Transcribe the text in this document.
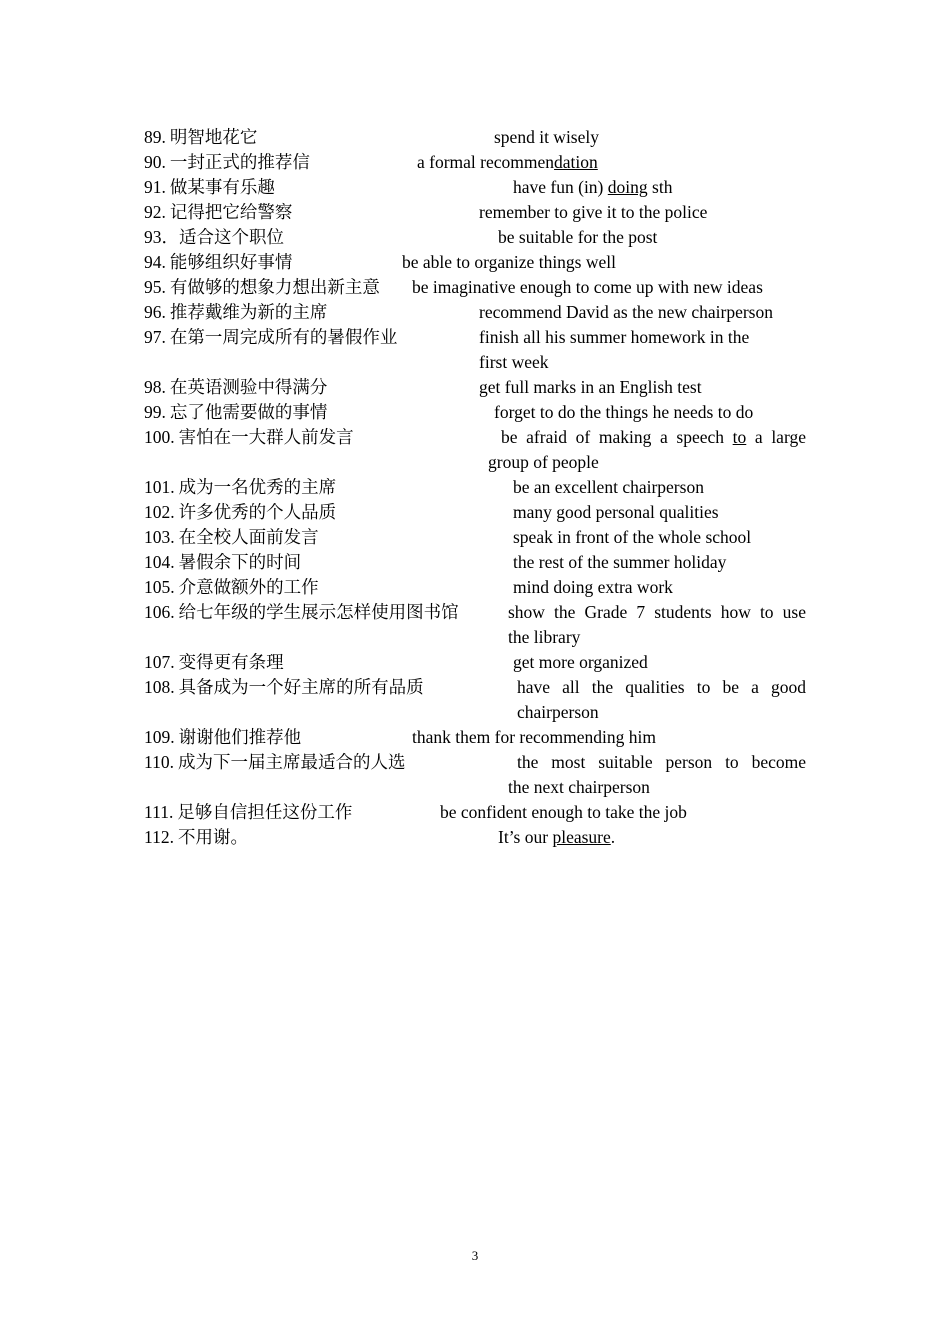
89. 明智地花它	spend it wisely
90. 一封正式的推荐信	a formal recommendation
91. 做某事有乐趣	have fun (in) doing sth
92. 记得把它给警察	remember to give it to the police
93．适合这个职位	be suitable for the post
94. 能够组织好事情	be able to organize things well
95. 有做够的想象力想出新主意 be imaginative enough to come up with new ideas
96. 推荐戴维为新的主席	recommend David as the new chairperson
97. 在第一周完成所有的暑假作业	finish all his summer homework in the
first week
98. 在英语测验中得满分	get full marks in an English test
99. 忘了他需要做的事情	forget to do the things he needs to do
100. 害怕在一大群人前发言	be afraid of making a speech to a large
group of people
101. 成为一名优秀的主席	be an excellent chairperson
102. 许多优秀的个人品质	many good personal qualities
103. 在全校人面前发言	speak in front of the whole school
104. 暑假余下的时间	the rest of the summer holiday
105. 介意做额外的工作	mind doing extra work
106. 给七年级的学生展示怎样使用图书馆	show the Grade 7 students how to use
the library
107. 变得更有条理	get more organized
108. 具备成为一个好主席的所有品质	have all the qualities to be a good
chairperson
109. 谢谢他们推荐他	thank them for recommending him
110. 成为下一届主席最适合的人选	the most suitable person to become
the next chairperson
111. 足够自信担任这份工作	be confident enough to take the job
112. 不用谢。	It’s our pleasure.
3
